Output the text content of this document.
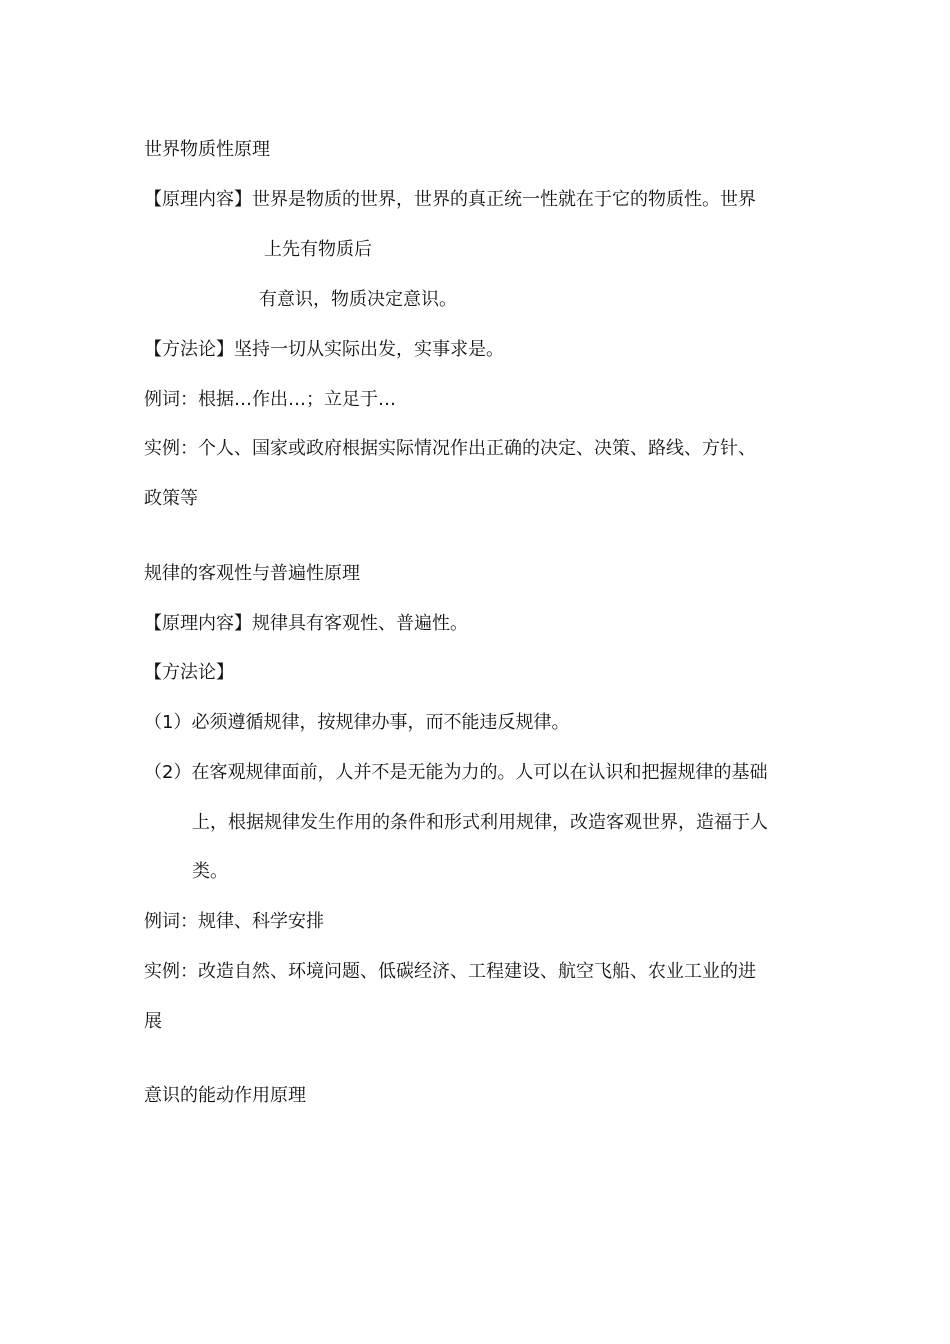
世界物质性原理

【原理内容】世界是物质的世界，世界的真正统一性就在于它的物质性。世界

上先有物质后

有意识，物质决定意识。

【方法论】坚持一切从实际出发，实事求是。

例词：根据…作出…；立足于…

实例：个人、国家或政府根据实际情况作出正确的决定、决策、路线、方针、

政策等

规律的客观性与普遍性原理

【原理内容】规律具有客观性、普遍性。

【方法论】

（1）必须遵循规律，按规律办事，而不能违反规律。

（2）在客观规律面前，人并不是无能为力的。人可以在认识和把握规律的基础

上，根据规律发生作用的条件和形式利用规律，改造客观世界，造福于人

类。

例词：规律、科学安排

实例：改造自然、环境问题、低碳经济、工程建设、航空飞船、农业工业的进

展

意识的能动作用原理
